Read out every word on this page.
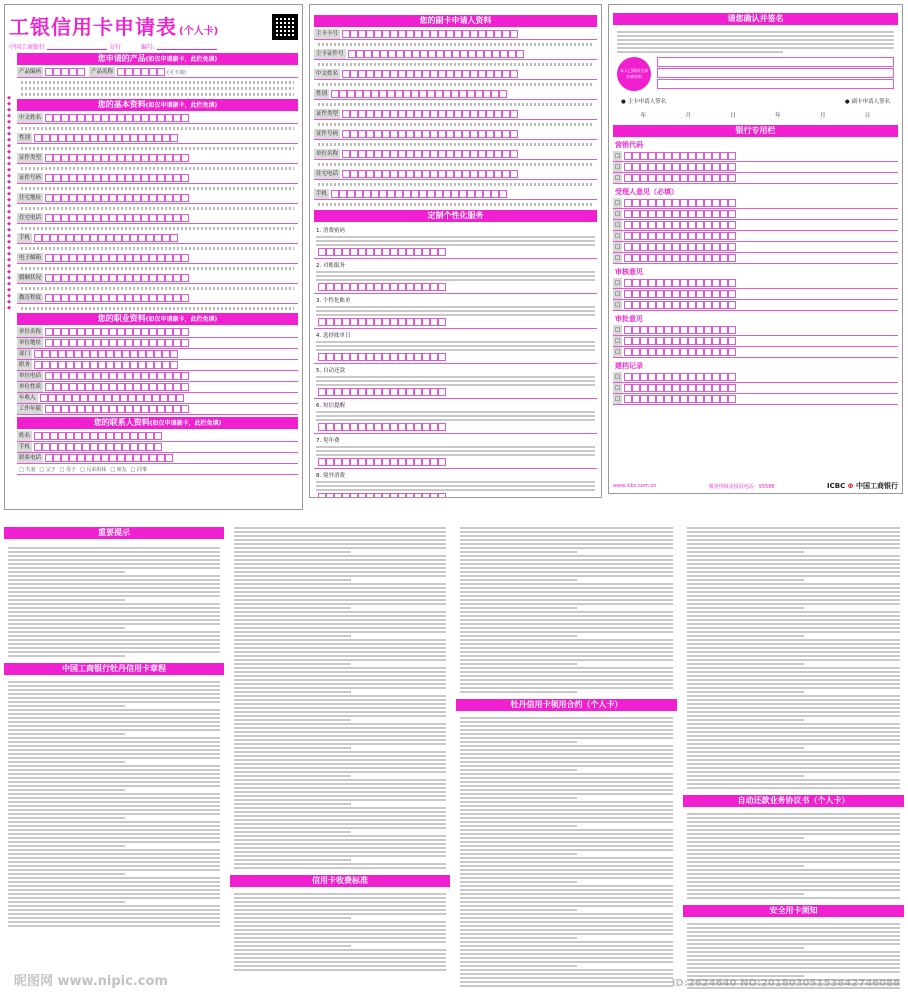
工银信用卡申请表 (个人卡)
中国工商银行	分行	编号:
您申请的产品(如仅申请副卡，此栏免填)
产品编码	产品名称	(可不填)
您的基本资料(如仅申请副卡，此栏免填)
中文姓名
性别
证件类型
证件号码
住宅地址
住宅电话
手机
电子邮箱
婚姻状况
教育程度
您的职业资料(如仅申请副卡，此栏免填)
单位名称
单位地址
部门
职务
单位电话
单位性质
年收入
工作年限
您的联系人资料(如仅申请副卡，此栏免填)
姓名
手机
联系电话
□ 夫妻 □ 父子 □ 母子 □ 兄弟姐妹 □ 朋友 □ 同事
◆◆◆◆◆◆◆◆◆◆◆◆◆◆◆◆◆◆◆◆◆◆◆◆◆◆◆◆◆◆◆◆◆◆◆◆
您的副卡申请人资料
主卡卡号
主卡证件号
中文姓名
性别
证件类型
证件号码
单位名称
住宅电话
手机
定制个性化服务
1. 消费密码
2. 对账服务
3. 个性化账单
4. 选择账单日
5. 自动还款
6. 短信提醒
7. 免年费
8. 境外消费
请您确认并签名
本人已阅读全部申请材料
● 主卡申请人签名	● 副卡申请人签名
年	月	日	年	月	日
银行专用栏
营销代码
□
□
□
受理人意见（必填）
□
□
□
□
□
□
审核意见
□
□
□
审批意见
□
□
□
建档记录
□
□
□
www.icbc.com.cn	服务热线及投诉电话：95588	ICBC ⊕ 中国工商银行
重要提示
中国工商银行牡丹信用卡章程
信用卡收费标准
昵图网 www.nipic.com
牡丹信用卡领用合约（个人卡）
自动还款业务协议书（个人卡）
安全用卡须知
ID:2624640 NO:20180305153842746088
